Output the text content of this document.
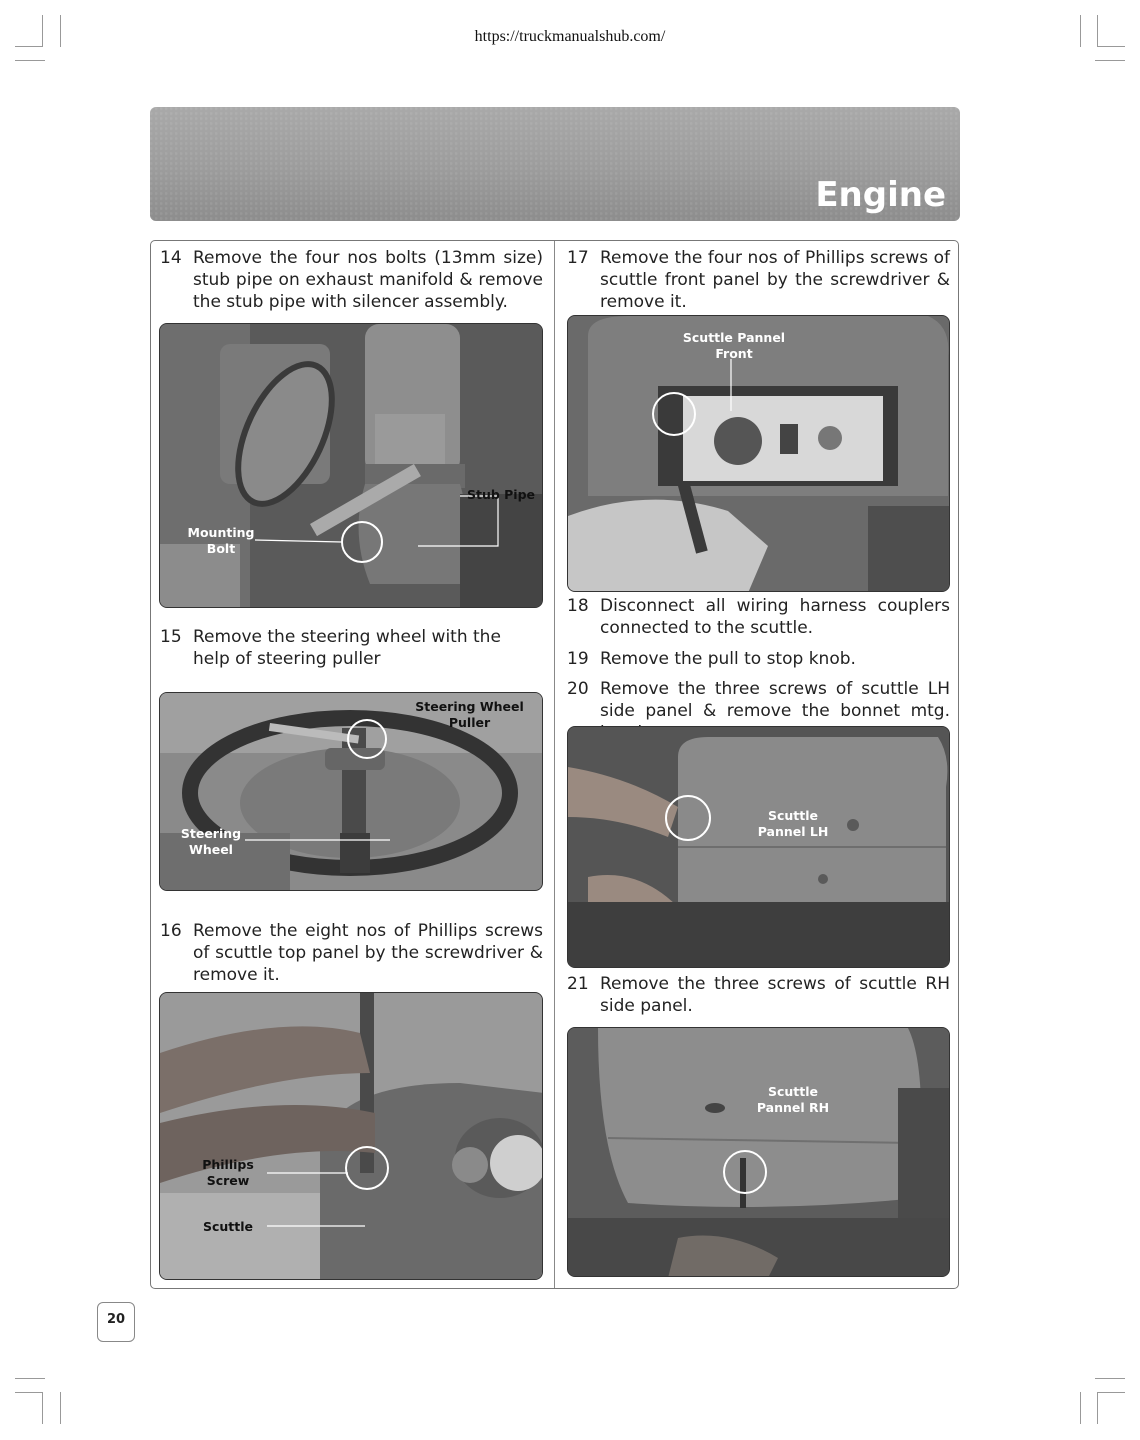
https://truckmanualshub.com/
Engine
14 Remove the four nos bolts (13mm size) stub pipe on exhaust manifold & remove the stub pipe with silencer assembly.
Stub Pipe
Mounting Bolt
15 Remove the steering wheel with the help of steering puller
Steering Wheel Puller
Steering Wheel
16 Remove the eight nos of Phillips screws of scuttle top panel by the screwdriver & remove it.
Phillips Screw
Scuttle
17 Remove the four nos of Phillips screws of scuttle front panel by the screwdriver & remove it.
Scuttle Pannel Front
18 Disconnect all wiring harness couplers connected to the scuttle.
19 Remove the pull to stop knob.
20 Remove the three screws of scuttle LH side panel & remove the bonnet mtg.
Scuttle Pannel LH
21 Remove the three screws of scuttle RH side panel.
Scuttle Pannel RH
20
